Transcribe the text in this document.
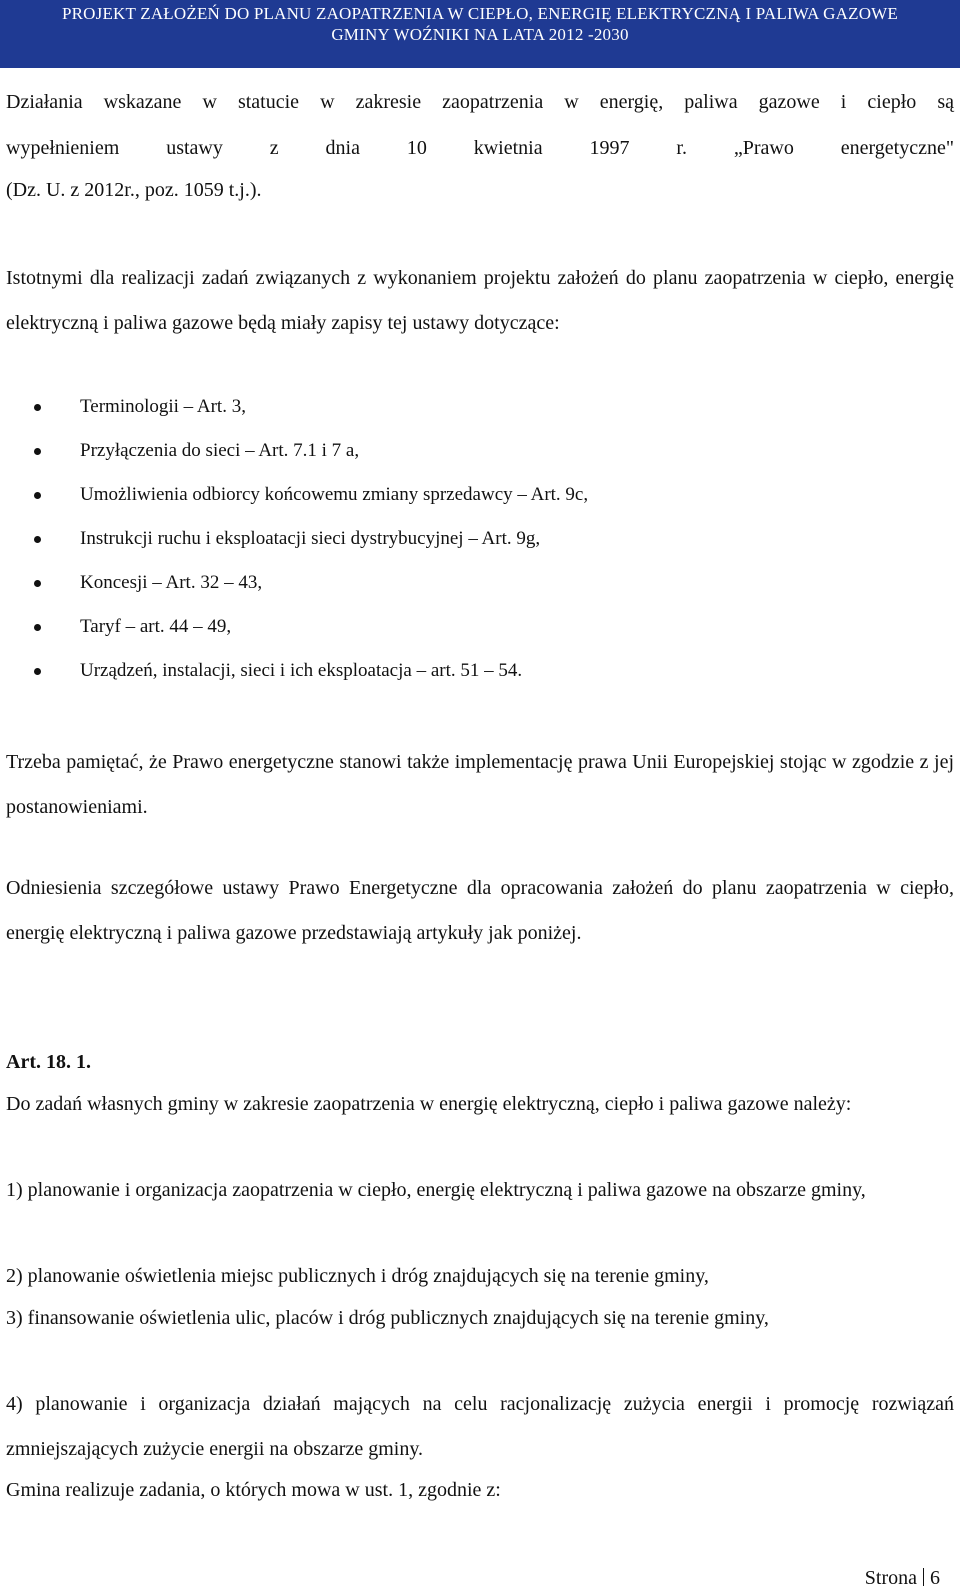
PROJEKT ZAŁOŻEŃ DO PLANU ZAOPATRZENIA W CIEPŁO, ENERGIĘ ELEKTRYCZNĄ I PALIWA GAZOWE
GMINY WOŹNIKI NA LATA 2012 -2030
Działania wskazane w statucie w zakresie zaopatrzenia w energię, paliwa gazowe i ciepło są
wypełnieniem ustawy z dnia 10 kwietnia 1997 r. „Prawo energetyczne"
(Dz. U. z 2012r., poz. 1059 t.j.).
Istotnymi dla realizacji zadań związanych z wykonaniem projektu założeń do planu zaopatrzenia w ciepło, energię elektryczną i paliwa gazowe będą miały zapisy tej ustawy dotyczące:
Terminologii – Art. 3,
Przyłączenia do sieci – Art. 7.1 i 7 a,
Umożliwienia odbiorcy końcowemu zmiany sprzedawcy – Art. 9c,
Instrukcji ruchu i eksploatacji sieci dystrybucyjnej – Art. 9g,
Koncesji – Art. 32 – 43,
Taryf – art. 44 – 49,
Urządzeń, instalacji, sieci i ich eksploatacja – art. 51 – 54.
Trzeba pamiętać, że Prawo energetyczne stanowi także implementację prawa Unii Europejskiej stojąc w zgodzie z jej postanowieniami.
Odniesienia szczegółowe ustawy Prawo Energetyczne dla opracowania założeń do planu zaopatrzenia w ciepło, energię elektryczną i paliwa gazowe przedstawiają artykuły jak poniżej.
Art. 18. 1.
Do zadań własnych gminy w zakresie zaopatrzenia w energię elektryczną, ciepło i paliwa gazowe należy:
1) planowanie i organizacja zaopatrzenia w ciepło, energię elektryczną i paliwa gazowe na obszarze gminy,
2) planowanie oświetlenia miejsc publicznych i dróg znajdujących się na terenie gminy,
3) finansowanie oświetlenia ulic, placów i dróg publicznych znajdujących się na terenie gminy,
4) planowanie i organizacja działań mających na celu racjonalizację zużycia energii i promocję rozwiązań zmniejszających zużycie energii na obszarze gminy.
Gmina realizuje zadania, o których mowa w ust. 1, zgodnie z:
Strona 6
